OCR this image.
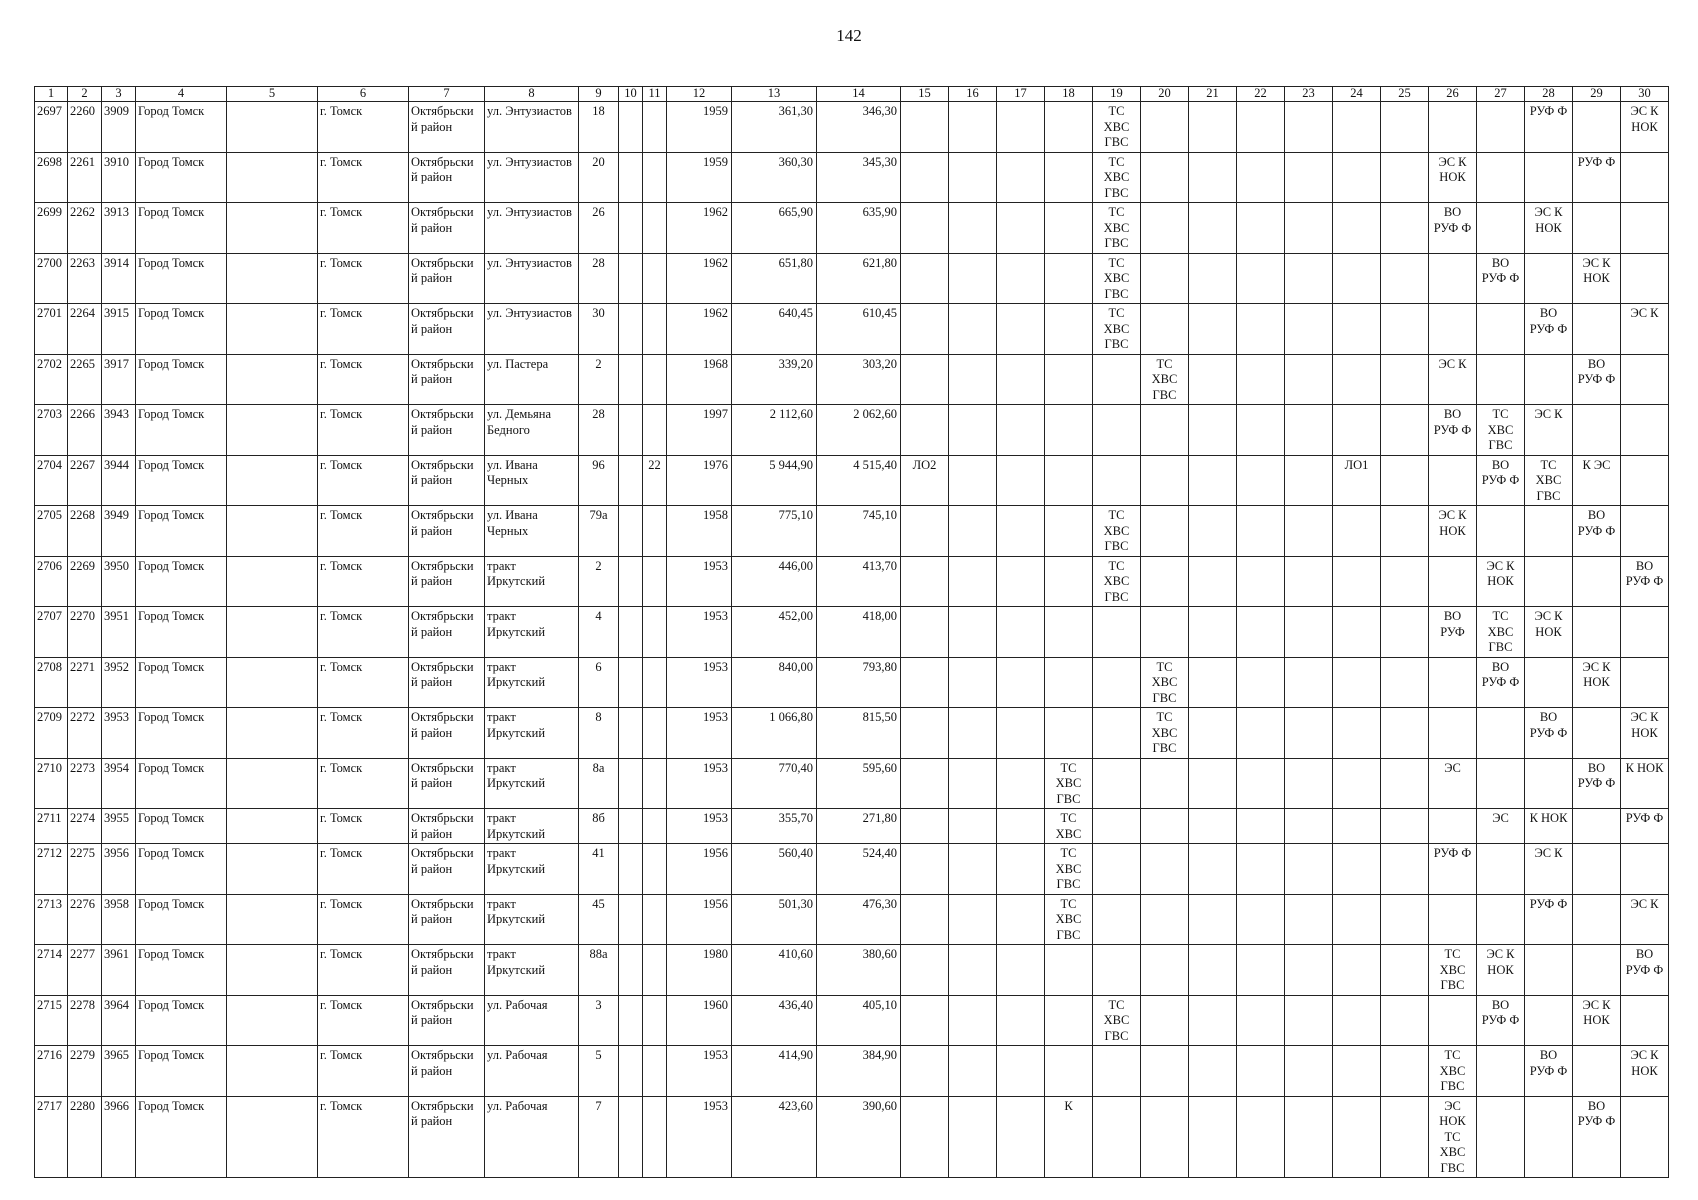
142
1	2	3	4	5	6	7	8	9	10	11	12	13	14	15	16	17	18	19	20	21	22	23	24	25	26	27	28	29	30
2697	2260	3909	Город Томск		г. Томск	Октябрьски
й район	ул. Энтузиастов	18			1959	361,30	346,30					ТС
ХВС
ГВС									РУФ Ф		ЭС К
НОК
2698	2261	3910	Город Томск		г. Томск	Октябрьски
й район	ул. Энтузиастов	20			1959	360,30	345,30					ТС
ХВС
ГВС							ЭС К
НОК			РУФ Ф	
2699	2262	3913	Город Томск		г. Томск	Октябрьски
й район	ул. Энтузиастов	26			1962	665,90	635,90					ТС
ХВС
ГВС							ВО
РУФ Ф		ЭС К
НОК		
2700	2263	3914	Город Томск		г. Томск	Октябрьски
й район	ул. Энтузиастов	28			1962	651,80	621,80					ТС
ХВС
ГВС								ВО
РУФ Ф		ЭС К
НОК	
2701	2264	3915	Город Томск		г. Томск	Октябрьски
й район	ул. Энтузиастов	30			1962	640,45	610,45					ТС
ХВС
ГВС									ВО
РУФ Ф		ЭС К
2702	2265	3917	Город Томск		г. Томск	Октябрьски
й район	ул. Пастера	2			1968	339,20	303,20						ТС
ХВС
ГВС						ЭС К			ВО
РУФ Ф	
2703	2266	3943	Город Томск		г. Томск	Октябрьски
й район	ул. Демьяна
Бедного	28			1997	2 112,60	2 062,60												ВО
РУФ Ф	ТС
ХВС
ГВС	ЭС К		
2704	2267	3944	Город Томск		г. Томск	Октябрьски
й район	ул. Ивана
Черных	96		22	1976	5 944,90	4 515,40	ЛО2									ЛО1			ВО
РУФ Ф	ТС
ХВС
ГВС	К ЭС	
2705	2268	3949	Город Томск		г. Томск	Октябрьски
й район	ул. Ивана
Черных	79а			1958	775,10	745,10					ТС
ХВС
ГВС							ЭС К
НОК			ВО
РУФ Ф	
2706	2269	3950	Город Томск		г. Томск	Октябрьски
й район	тракт
Иркутский	2			1953	446,00	413,70					ТС
ХВС
ГВС								ЭС К
НОК			ВО
РУФ Ф
2707	2270	3951	Город Томск		г. Томск	Октябрьски
й район	тракт
Иркутский	4			1953	452,00	418,00												ВО
РУФ	ТС
ХВС
ГВС	ЭС К
НОК		
2708	2271	3952	Город Томск		г. Томск	Октябрьски
й район	тракт
Иркутский	6			1953	840,00	793,80						ТС
ХВС
ГВС							ВО
РУФ Ф		ЭС К
НОК	
2709	2272	3953	Город Томск		г. Томск	Октябрьски
й район	тракт
Иркутский	8			1953	1 066,80	815,50						ТС
ХВС
ГВС								ВО
РУФ Ф		ЭС К
НОК
2710	2273	3954	Город Томск		г. Томск	Октябрьски
й район	тракт
Иркутский	8а			1953	770,40	595,60				ТС
ХВС
ГВС								ЭС			ВО
РУФ Ф	К НОК
2711	2274	3955	Город Томск		г. Томск	Октябрьски
й район	тракт
Иркутский	8б			1953	355,70	271,80				ТС
ХВС									ЭС	К НОК		РУФ Ф
2712	2275	3956	Город Томск		г. Томск	Октябрьски
й район	тракт
Иркутский	41			1956	560,40	524,40				ТС
ХВС
ГВС								РУФ Ф		ЭС К		
2713	2276	3958	Город Томск		г. Томск	Октябрьски
й район	тракт
Иркутский	45			1956	501,30	476,30				ТС
ХВС
ГВС										РУФ Ф		ЭС К
2714	2277	3961	Город Томск		г. Томск	Октябрьски
й район	тракт
Иркутский	88а			1980	410,60	380,60												ТС
ХВС
ГВС	ЭС К
НОК			ВО
РУФ Ф
2715	2278	3964	Город Томск		г. Томск	Октябрьски
й район	ул. Рабочая	3			1960	436,40	405,10					ТС
ХВС
ГВС								ВО
РУФ Ф		ЭС К
НОК	
2716	2279	3965	Город Томск		г. Томск	Октябрьски
й район	ул. Рабочая	5			1953	414,90	384,90												ТС
ХВС
ГВС		ВО
РУФ Ф		ЭС К
НОК
2717	2280	3966	Город Томск		г. Томск	Октябрьски
й район	ул. Рабочая	7			1953	423,60	390,60				К								ЭС
НОК
ТС
ХВС
ГВС			ВО
РУФ Ф	
